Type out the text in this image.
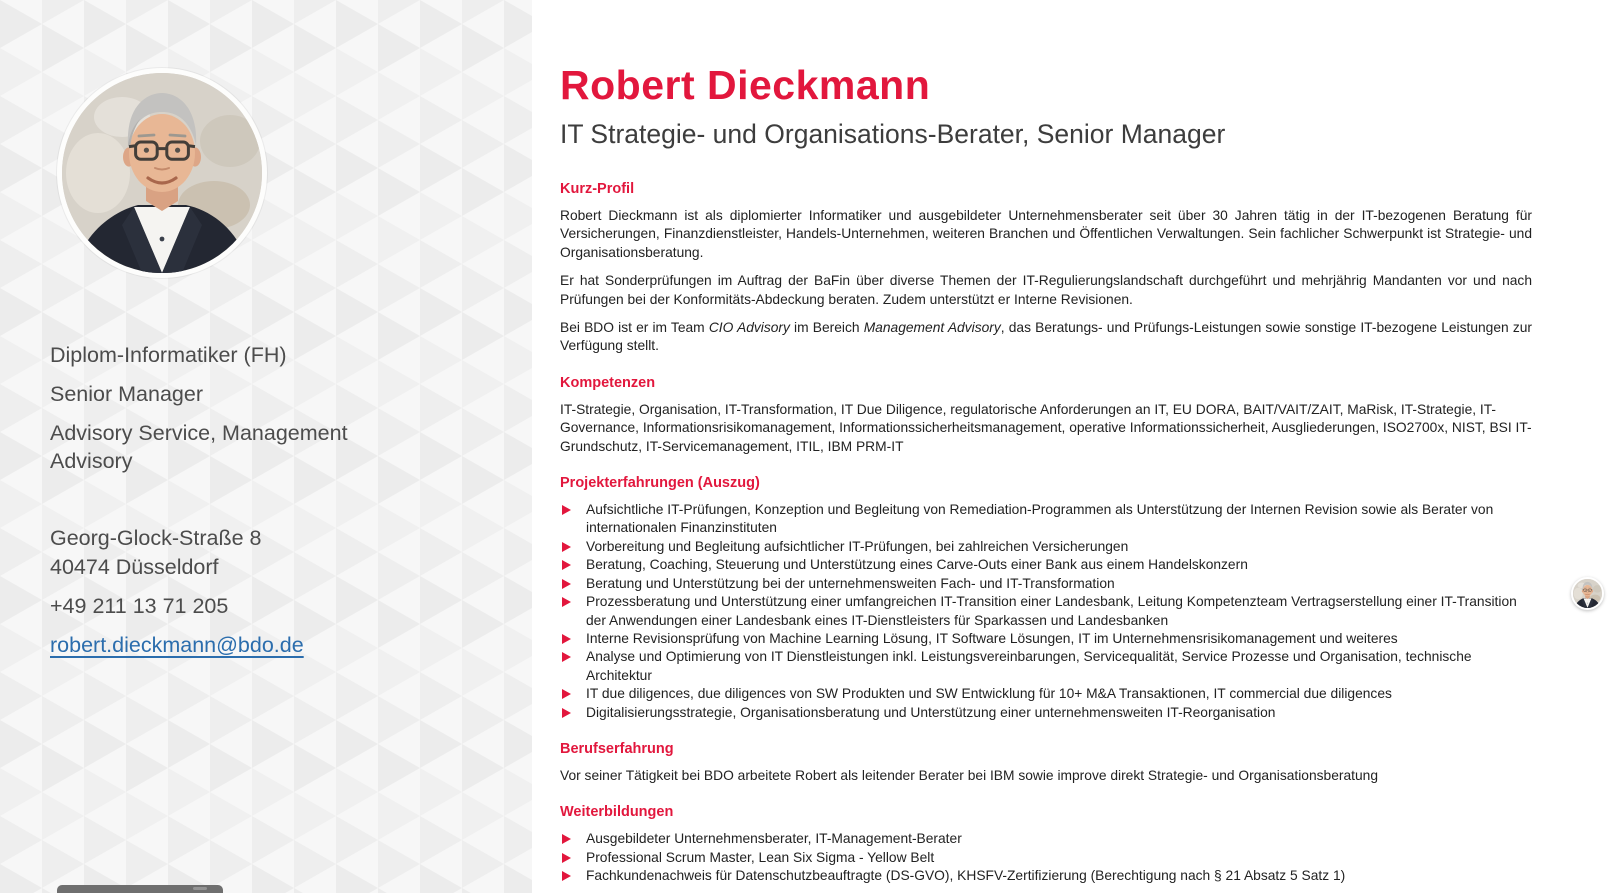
Diplom-Informatiker (FH)

Senior Manager

Advisory Service, Management Advisory

Georg-Glock-Straße 8

40474 Düsseldorf

+49 211 13 71 205

robert.dieckmann@bdo.de
Robert Dieckmann
IT Strategie- und Organisations-Berater, Senior Manager
Kurz-Profil

Robert Dieckmann ist als diplomierter Informatiker und ausgebildeter Unternehmensberater seit über 30 Jahren tätig in der IT-bezogenen Beratung für Versicherungen, Finanzdienstleister, Handels-Unternehmen, weiteren Branchen und Öffentlichen Verwaltungen. Sein fachlicher Schwerpunkt ist Strategie- und Organisationsberatung.

Er hat Sonderprüfungen im Auftrag der BaFin über diverse Themen der IT-Regulierungslandschaft durchgeführt und mehrjährig Mandanten vor und nach Prüfungen bei der Konformitäts-Abdeckung beraten. Zudem unterstützt er Interne Revisionen.

Bei BDO ist er im Team CIO Advisory im Bereich Management Advisory, das Beratungs- und Prüfungs-Leistungen sowie sonstige IT-bezogene Leistungen zur Verfügung stellt.

Kompetenzen

IT-Strategie, Organisation, IT-Transformation, IT Due Diligence, regulatorische Anforderungen an IT, EU DORA, BAIT/VAIT/ZAIT, MaRisk, IT-Strategie, IT-Governance, Informationsrisikomanagement, Informationssicherheitsmanagement, operative Informationssicherheit, Ausgliederungen, ISO2700x, NIST, BSI IT-Grundschutz, IT-Servicemanagement, ITIL, IBM PRM-IT

Projekterfahrungen (Auszug)
Aufsichtliche IT-Prüfungen, Konzeption und Begleitung von Remediation-Programmen als Unterstützung der Internen Revision sowie als Berater von internationalen Finanzinstituten
Vorbereitung und Begleitung aufsichtlicher IT-Prüfungen, bei zahlreichen Versicherungen
Beratung, Coaching, Steuerung und Unterstützung eines Carve-Outs einer Bank aus einem Handelskonzern
Beratung und Unterstützung bei der unternehmensweiten Fach- und IT-Transformation
Prozessberatung und Unterstützung einer umfangreichen IT-Transition einer Landesbank, Leitung Kompetenzteam Vertragserstellung einer IT-Transition der Anwendungen einer Landesbank eines IT-Dienstleisters für Sparkassen und Landesbanken
Interne Revisionsprüfung von Machine Learning Lösung, IT Software Lösungen, IT im Unternehmensrisikomanagement und weiteres
Analyse und Optimierung von IT Dienstleistungen inkl. Leistungsvereinbarungen, Servicequalität, Service Prozesse und Organisation, technische Architektur
IT due diligences, due diligences von SW Produkten und SW Entwicklung für 10+ M&A Transaktionen, IT commercial due diligences
Digitalisierungsstrategie, Organisationsberatung und Unterstützung einer unternehmensweiten IT-Reorganisation
Berufserfahrung

Vor seiner Tätigkeit bei BDO arbeitete Robert als leitender Berater bei IBM sowie improve direkt Strategie- und Organisationsberatung

Weiterbildungen
Ausgebildeter Unternehmensberater, IT-Management-Berater
Professional Scrum Master, Lean Six Sigma - Yellow Belt
Fachkundenachweis für Datenschutzbeauftragte (DS-GVO), KHSFV-Zertifizierung (Berechtigung nach § 21 Absatz 5 Satz 1)
